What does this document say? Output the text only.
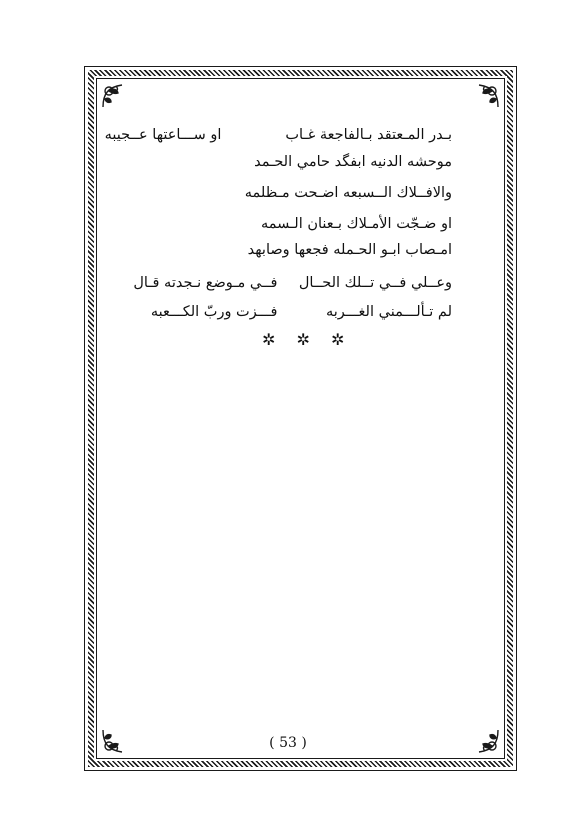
بـدر المـعتقد بـالفاجعة غـاب او ســـاعتها عــجيبه
موحشه الدنيه ابفگد حامي الحـمد
والافــلاك الــسبعه اضـحت مـظلمه
او ضـجّت الأمـلاك بـعنان الـسمه
امـصاب ابـو الحـمله فجعها وصابهد
وعــلي فــي تــلك الحــال فــي مـوضع نـجدته قـال
لم تـألـــمني الغـــربه فـــزت وربّ الكـــعبه
✲ ✲ ✲
( 53 )
